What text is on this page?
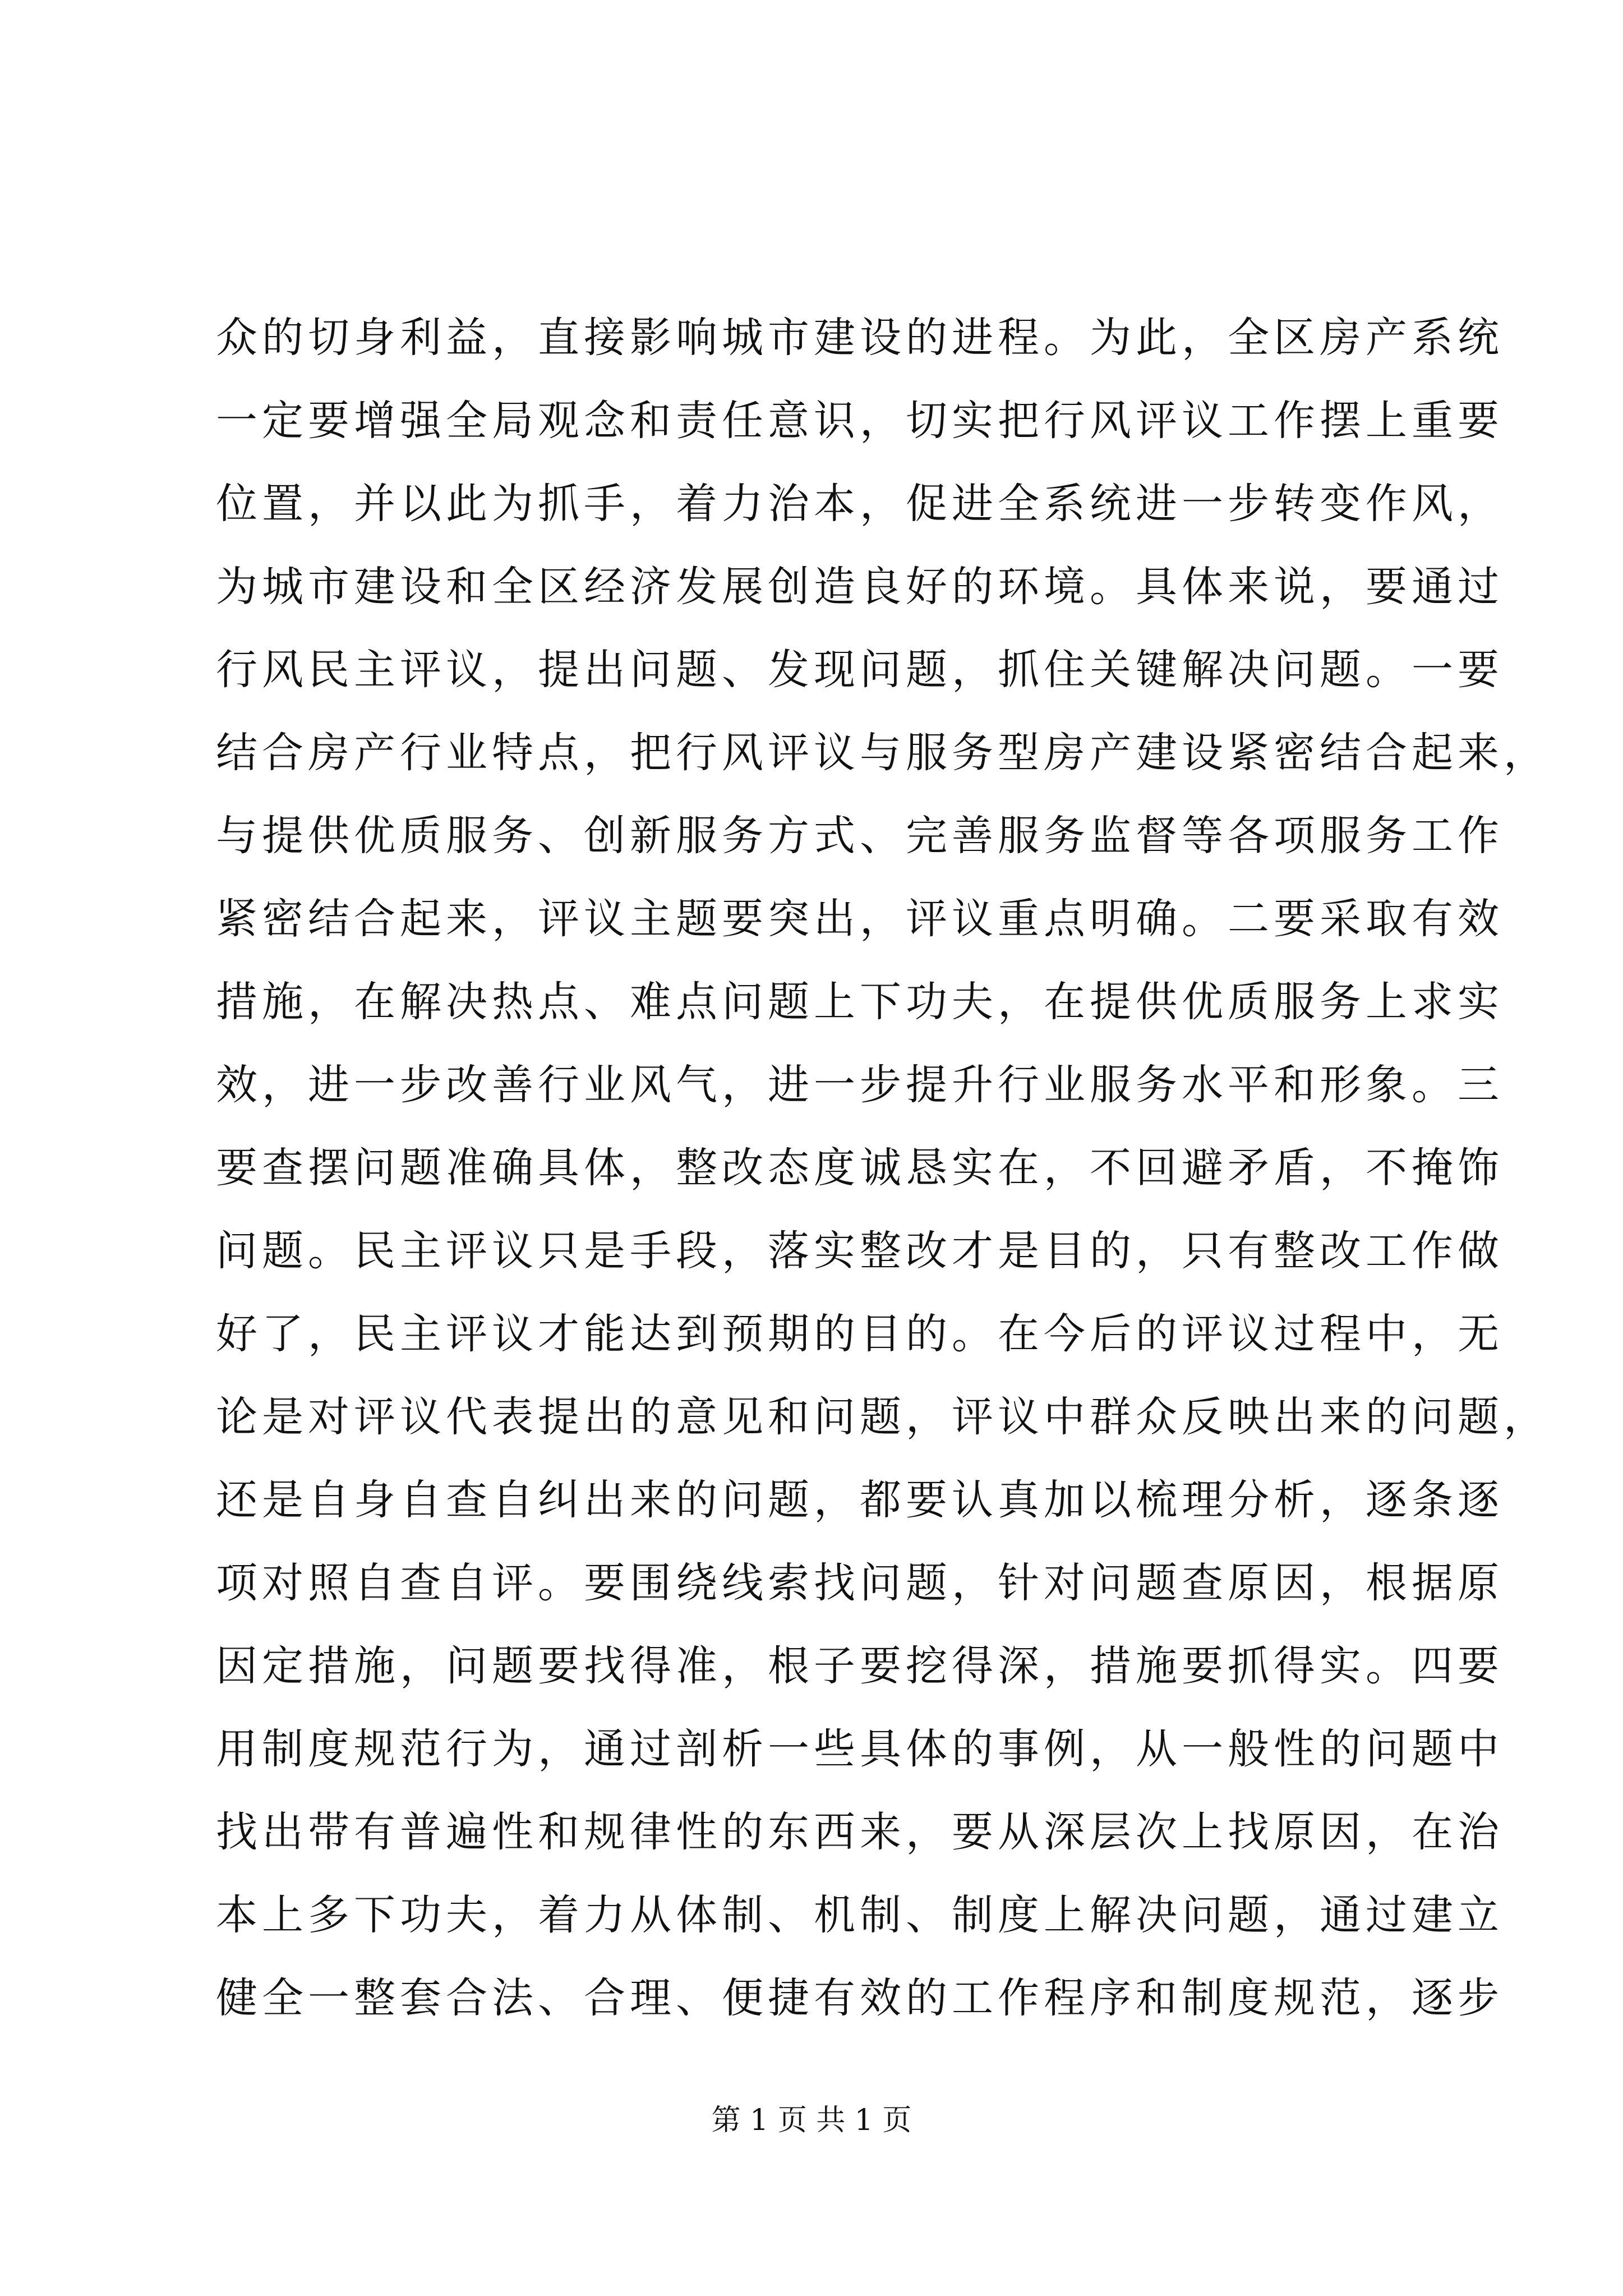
众的切身利益，直接影响城市建设的进程。为此，全区房产系统
一定要增强全局观念和责任意识，切实把行风评议工作摆上重要
位置，并以此为抓手，着力治本，促进全系统进一步转变作风，
为城市建设和全区经济发展创造良好的环境。具体来说，要通过
行风民主评议，提出问题、发现问题，抓住关键解决问题。一要
结合房产行业特点，把行风评议与服务型房产建设紧密结合起来，
与提供优质服务、创新服务方式、完善服务监督等各项服务工作
紧密结合起来，评议主题要突出，评议重点明确。二要采取有效
措施，在解决热点、难点问题上下功夫，在提供优质服务上求实
效，进一步改善行业风气，进一步提升行业服务水平和形象。三
要查摆问题准确具体，整改态度诚恳实在，不回避矛盾，不掩饰
问题。民主评议只是手段，落实整改才是目的，只有整改工作做
好了，民主评议才能达到预期的目的。在今后的评议过程中，无
论是对评议代表提出的意见和问题，评议中群众反映出来的问题，
还是自身自查自纠出来的问题，都要认真加以梳理分析，逐条逐
项对照自查自评。要围绕线索找问题，针对问题查原因，根据原
因定措施，问题要找得准，根子要挖得深，措施要抓得实。四要
用制度规范行为，通过剖析一些具体的事例，从一般性的问题中
找出带有普遍性和规律性的东西来，要从深层次上找原因，在治
本上多下功夫，着力从体制、机制、制度上解决问题，通过建立
健全一整套合法、合理、便捷有效的工作程序和制度规范，逐步
第 1 页 共 1 页
